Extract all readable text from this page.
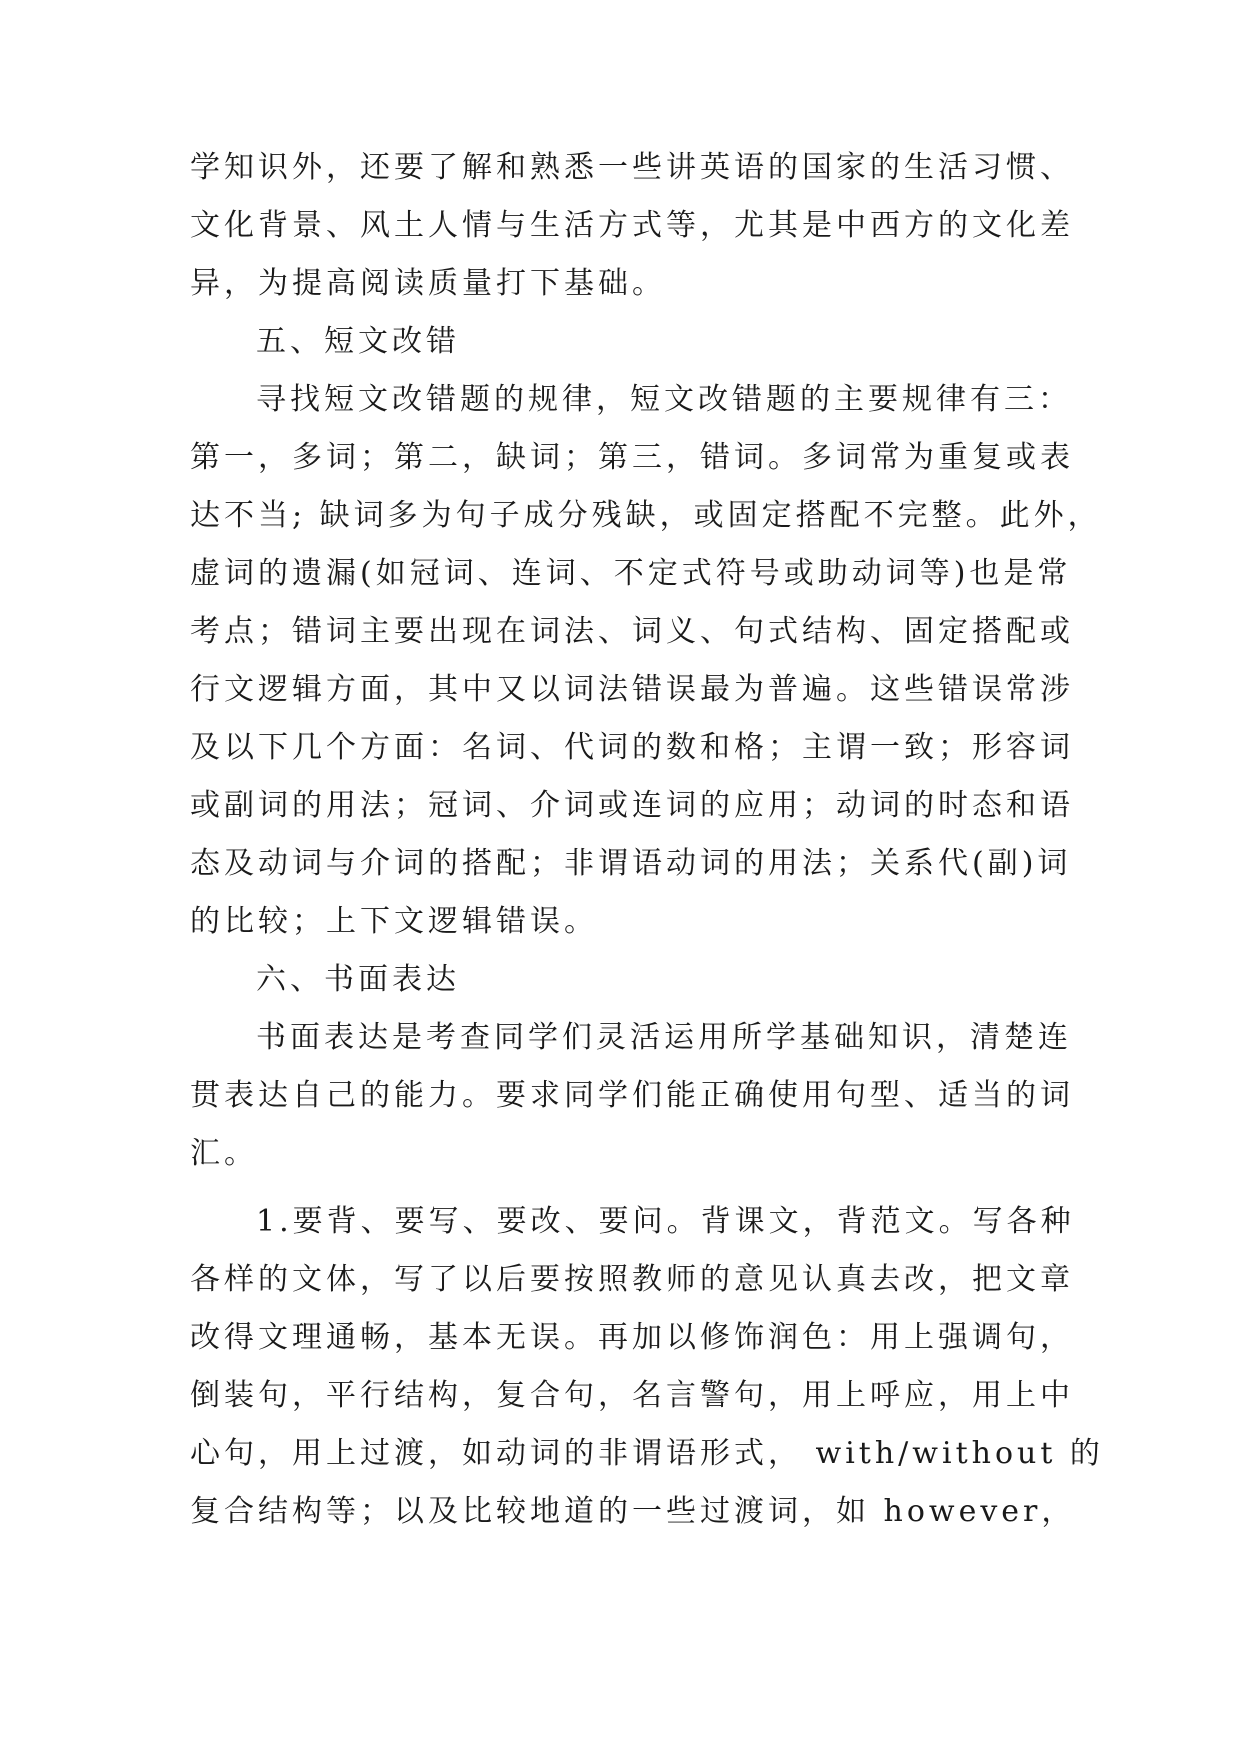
学知识外，还要了解和熟悉一些讲英语的国家的生活习惯、
文化背景、风土人情与生活方式等，尤其是中西方的文化差
异，为提高阅读质量打下基础。
五、短文改错
寻找短文改错题的规律，短文改错题的主要规律有三：
第一，多词；第二，缺词；第三，错词。多词常为重复或表
达不当; 缺词多为句子成分残缺，或固定搭配不完整。此外，
虚词的遗漏(如冠词、连词、不定式符号或助动词等)也是常
考点；错词主要出现在词法、词义、句式结构、固定搭配或
行文逻辑方面，其中又以词法错误最为普遍。这些错误常涉
及以下几个方面：名词、代词的数和格；主谓一致；形容词
或副词的用法；冠词、介词或连词的应用；动词的时态和语
态及动词与介词的搭配；非谓语动词的用法；关系代(副)词
的比较；上下文逻辑错误。
六、书面表达
书面表达是考查同学们灵活运用所学基础知识，清楚连
贯表达自己的能力。要求同学们能正确使用句型、适当的词
汇。
1.要背、要写、要改、要问。背课文，背范文。写各种
各样的文体，写了以后要按照教师的意见认真去改，把文章
改得文理通畅，基本无误。再加以修饰润色：用上强调句，
倒装句，平行结构，复合句，名言警句，用上呼应，用上中
心句，用上过渡，如动词的非谓语形式， with/without 的
复合结构等；以及比较地道的一些过渡词，如 however，
